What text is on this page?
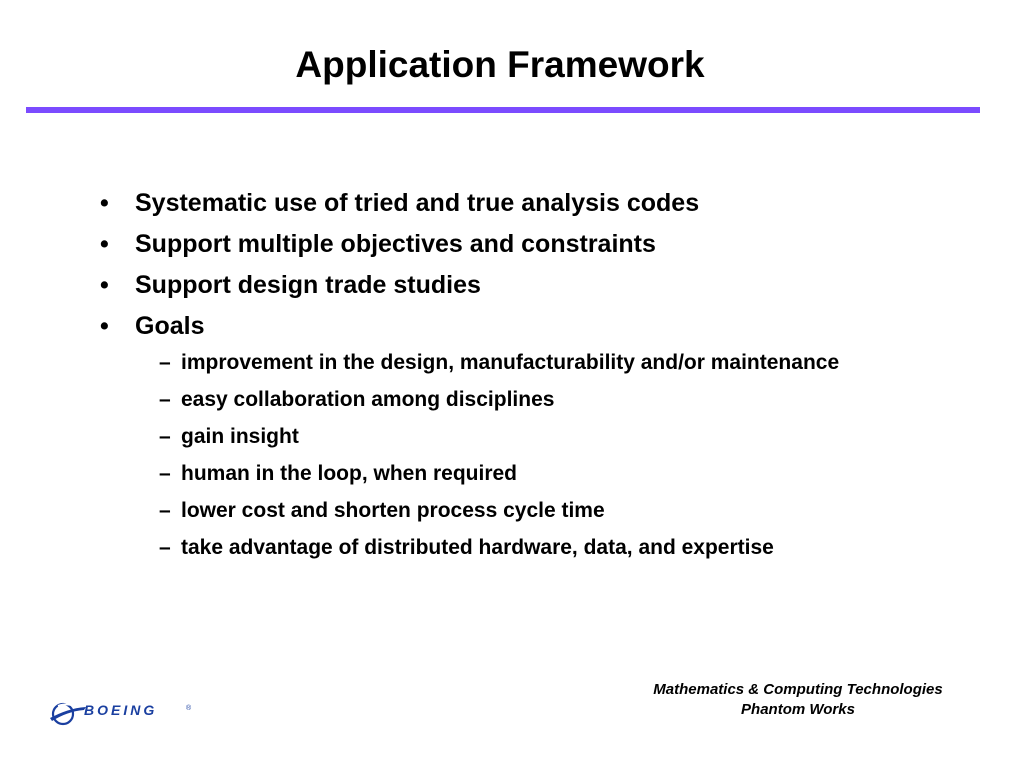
Application Framework
•	Systematic use of tried and true analysis codes
•	Support multiple objectives and constraints
•	Support design trade studies
•	Goals
– improvement in the design, manufacturability and/or maintenance
– easy collaboration among disciplines
– gain insight
– human in the loop, when required
– lower cost and shorten process cycle time
– take advantage of distributed hardware, data, and expertise
BOEING	®
Mathematics & Computing Technologies
Phantom Works
